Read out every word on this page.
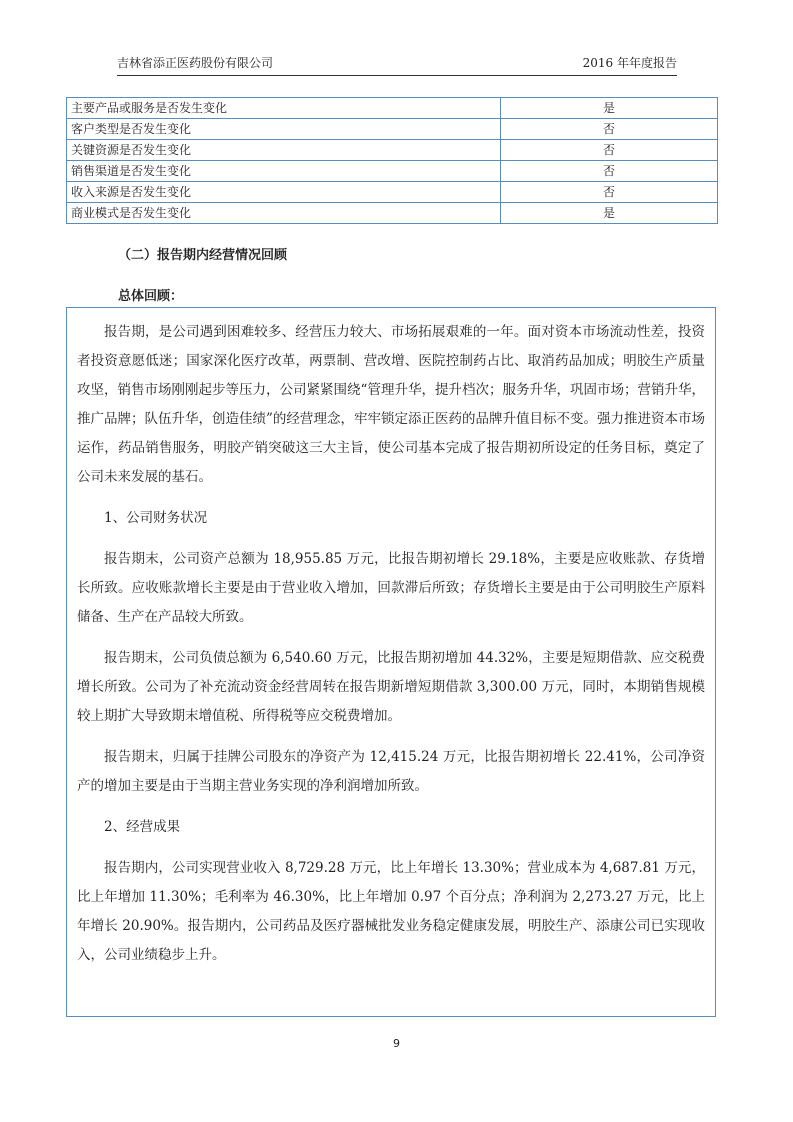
吉林省添正医药股份有限公司	2016 年年度报告
主要产品或服务是否发生变化	是
客户类型是否发生变化	否
关键资源是否发生变化	否
销售渠道是否发生变化	否
收入来源是否发生变化	否
商业模式是否发生变化	是
（二）报告期内经营情况回顾
总体回顾：

报告期，是公司遇到困难较多、经营压力较大、市场拓展艰难的一年。面对资本市场流动性差，投资者投资意愿低迷；国家深化医疗改革，两票制、营改增、医院控制药占比、取消药品加成；明胶生产质量攻坚，销售市场刚刚起步等压力，公司紧紧围绕“管理升华，提升档次；服务升华，巩固市场；营销升华，推广品牌；队伍升华，创造佳绩”的经营理念，牢牢锁定添正医药的品牌升值目标不变。强力推进资本市场运作，药品销售服务，明胶产销突破这三大主旨，使公司基本完成了报告期初所设定的任务目标，奠定了公司未来发展的基石。

1、公司财务状况

报告期末，公司资产总额为 18,955.85 万元，比报告期初增长 29.18%，主要是应收账款、存货增长所致。应收账款增长主要是由于营业收入增加，回款滞后所致；存货增长主要是由于公司明胶生产原料储备、生产在产品较大所致。

报告期末，公司负债总额为 6,540.60 万元，比报告期初增加 44.32%，主要是短期借款、应交税费增长所致。公司为了补充流动资金经营周转在报告期新增短期借款 3,300.00 万元，同时，本期销售规模较上期扩大导致期末增值税、所得税等应交税费增加。

报告期末，归属于挂牌公司股东的净资产为 12,415.24 万元，比报告期初增长 22.41%，公司净资产的增加主要是由于当期主营业务实现的净利润增加所致。

2、经营成果

报告期内，公司实现营业收入 8,729.28 万元，比上年增长 13.30%；营业成本为 4,687.81 万元，比上年增加 11.30%；毛利率为 46.30%，比上年增加 0.97 个百分点；净利润为 2,273.27 万元，比上年增长 20.90%。报告期内，公司药品及医疗器械批发业务稳定健康发展，明胶生产、添康公司已实现收入，公司业绩稳步上升。

9
